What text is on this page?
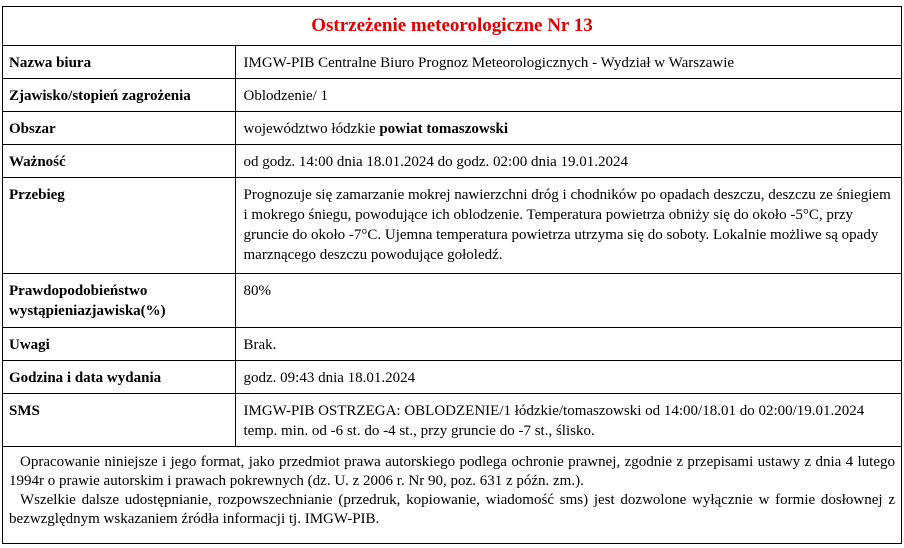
Ostrzeżenie meteorologiczne Nr 13
Nazwa biura	IMGW-PIB Centralne Biuro Prognoz Meteorologicznych - Wydział w Warszawie
Zjawisko/stopień zagrożenia	Oblodzenie/ 1
Obszar	województwo łódzkie powiat tomaszowski
Ważność	od godz. 14:00 dnia 18.01.2024 do godz. 02:00 dnia 19.01.2024
Przebieg	Prognozuje się zamarzanie mokrej nawierzchni dróg i chodników po opadach deszczu, deszczu ze śniegiem i mokrego śniegu, powodujące ich oblodzenie. Temperatura powietrza obniży się do około -5°C, przy gruncie do około -7°C. Ujemna temperatura powietrza utrzyma się do soboty. Lokalnie możliwe są opady marznącego deszczu powodujące gołoledź.
Prawdopodobieństwo wystąpieniazjawiska(%)	80%
Uwagi	Brak.
Godzina i data wydania	godz. 09:43 dnia 18.01.2024
SMS	IMGW-PIB OSTRZEGA: OBLODZENIE/1 łódzkie/tomaszowski od 14:00/18.01 do 02:00/19.01.2024 temp. min. od -6 st. do -4 st., przy gruncie do -7 st., ślisko.

Opracowanie niniejsze i jego format, jako przedmiot prawa autorskiego podlega ochronie prawnej, zgodnie z przepisami ustawy z dnia 4 lutego 1994r o prawie autorskim i prawach pokrewnych (dz. U. z 2006 r. Nr 90, poz. 631 z późn. zm.).

Wszelkie dalsze udostępnianie, rozpowszechnianie (przedruk, kopiowanie, wiadomość sms) jest dozwolone wyłącznie w formie dosłownej z bezwzględnym wskazaniem źródła informacji tj. IMGW-PIB.
